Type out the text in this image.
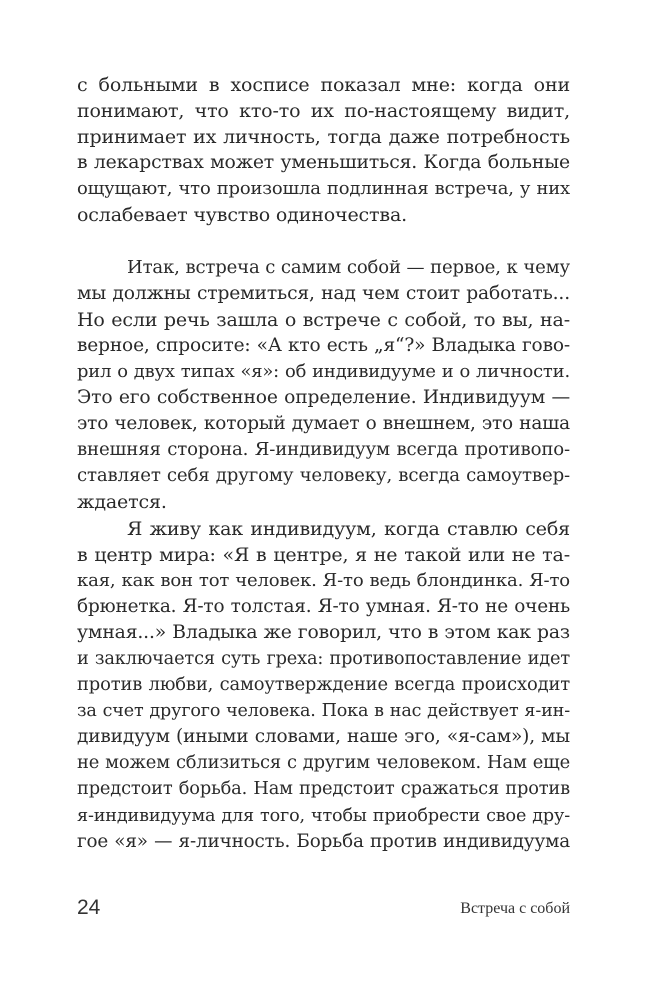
с больными в хосписе показал мне: когда они
понимают, что кто-то их по-настоящему видит,
принимает их личность, тогда даже потребность
в лекарствах может уменьшиться. Когда больные
ощущают, что произошла подлинная встреча, у них
ослабевает чувство одиночества.

Итак, встреча с самим собой — первое, к чему
мы должны стремиться, над чем стоит работать...
Но если речь зашла о встрече с собой, то вы, на-
верное, спросите: «А кто есть „я“?» Владыка гово-
рил о двух типах «я»: об индивидууме и о личности.
Это его собственное определение. Индивидуум —
это человек, который думает о внешнем, это наша
внешняя сторона. Я-индивидуум всегда противопо-
ставляет себя другому человеку, всегда самоутвер-
ждается.

Я живу как индивидуум, когда ставлю себя
в центр мира: «Я в центре, я не такой или не та-
кая, как вон тот человек. Я-то ведь блондинка. Я-то
брюнетка. Я-то толстая. Я-то умная. Я-то не очень
умная...» Владыка же говорил, что в этом как раз
и заключается суть греха: противопоставление идет
против любви, самоутверждение всегда происходит
за счет другого человека. Пока в нас действует я-ин-
дивидуум (иными словами, наше эго, «я-сам»), мы
не можем сблизиться с другим человеком. Нам еще
предстоит борьба. Нам предстоит сражаться против
я-индивидуума для того, чтобы приобрести свое дру-
гое «я» — я-личность. Борьба против индивидуума

24	Встреча с собой
